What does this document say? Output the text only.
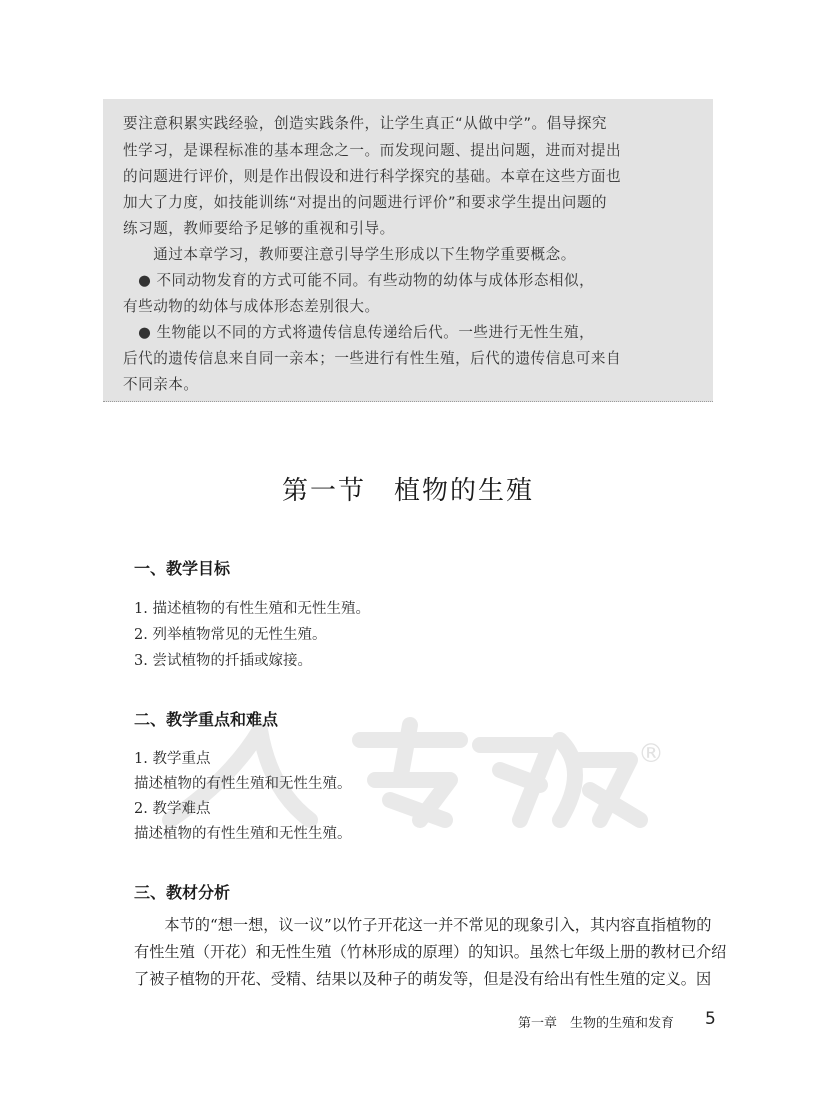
要注意积累实践经验，创造实践条件，让学生真正“从做中学”。倡导探究
性学习，是课程标准的基本理念之一。而发现问题、提出问题，进而对提出
的问题进行评价，则是作出假设和进行科学探究的基础。本章在这些方面也
加大了力度，如技能训练“对提出的问题进行评价”和要求学生提出问题的
练习题，教师要给予足够的重视和引导。
　　通过本章学习，教师要注意引导学生形成以下生物学重要概念。
　● 不同动物发育的方式可能不同。有些动物的幼体与成体形态相似，
有些动物的幼体与成体形态差别很大。
　● 生物能以不同的方式将遗传信息传递给后代。一些进行无性生殖，
后代的遗传信息来自同一亲本；一些进行有性生殖，后代的遗传信息可来自
不同亲本。
第一节　植物的生殖
一、教学目标
1. 描述植物的有性生殖和无性生殖。
2. 列举植物常见的无性生殖。
3. 尝试植物的扦插或嫁接。
®
二、教学重点和难点
1. 教学重点
描述植物的有性生殖和无性生殖。
2. 教学难点
描述植物的有性生殖和无性生殖。
三、教材分析
　　本节的“想一想，议一议”以竹子开花这一并不常见的现象引入，其内容直指植物的
有性生殖（开花）和无性生殖（竹林形成的原理）的知识。虽然七年级上册的教材已介绍
了被子植物的开花、受精、结果以及种子的萌发等，但是没有给出有性生殖的定义。因
第一章　生物的生殖和发育 5
